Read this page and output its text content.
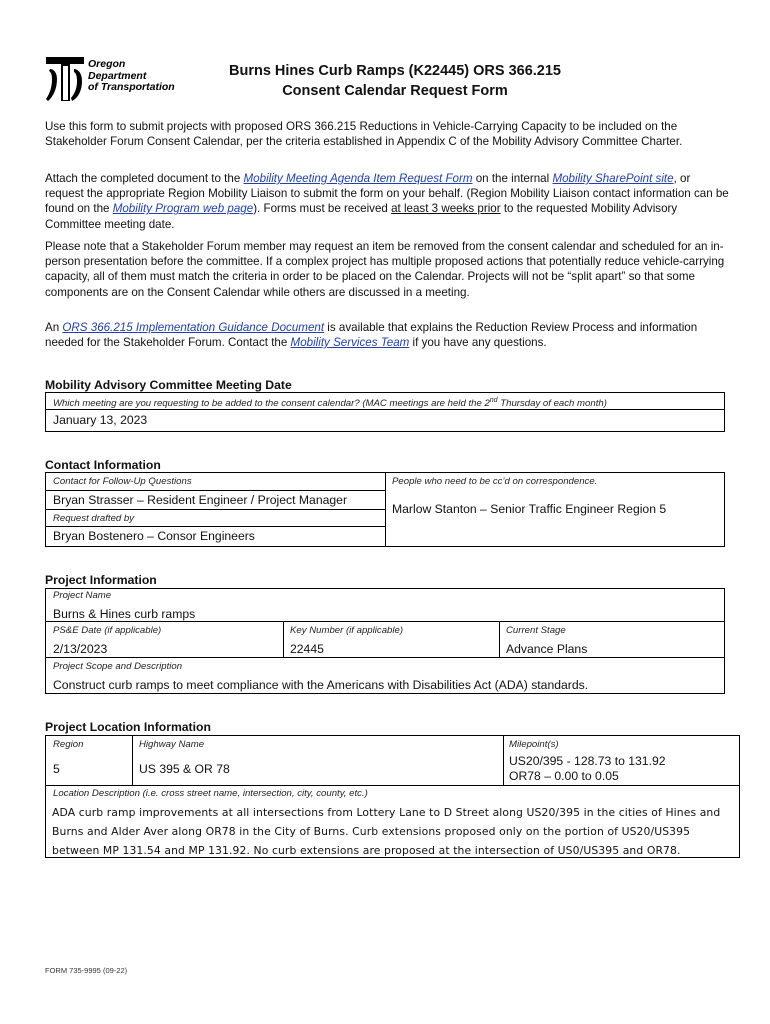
Oregon
Department
of Transportation
Burns Hines Curb Ramps (K22445) ORS 366.215
Consent Calendar Request Form
Use this form to submit projects with proposed ORS 366.215 Reductions in Vehicle-Carrying Capacity to be included on the Stakeholder Forum Consent Calendar, per the criteria established in Appendix C of the Mobility Advisory Committee Charter.
Attach the completed document to the Mobility Meeting Agenda Item Request Form on the internal Mobility SharePoint site, or request the appropriate Region Mobility Liaison to submit the form on your behalf. (Region Mobility Liaison contact information can be found on the Mobility Program web page). Forms must be received at least 3 weeks prior to the requested Mobility Advisory Committee meeting date.
Please note that a Stakeholder Forum member may request an item be removed from the consent calendar and scheduled for an in-person presentation before the committee. If a complex project has multiple proposed actions that potentially reduce vehicle-carrying capacity, all of them must match the criteria in order to be placed on the Calendar. Projects will not be “split apart” so that some components are on the Consent Calendar while others are discussed in a meeting.
An ORS 366.215 Implementation Guidance Document is available that explains the Reduction Review Process and information needed for the Stakeholder Forum. Contact the Mobility Services Team if you have any questions.
Mobility Advisory Committee Meeting Date
Which meeting are you requesting to be added to the consent calendar? (MAC meetings are held the 2nd Thursday of each month)
January 13, 2023
Contact Information
Contact for Follow-Up Questions
Bryan Strasser – Resident Engineer / Project Manager
Request drafted by
Bryan Bostenero – Consor Engineers
People who need to be cc’d on correspondence.
Marlow Stanton – Senior Traffic Engineer Region 5
Project Information
Project Name
Burns & Hines curb ramps
PS&E Date (if applicable)
2/13/2023
Key Number (if applicable)
22445
Current Stage
Advance Plans
Project Scope and Description
Construct curb ramps to meet compliance with the Americans with Disabilities Act (ADA) standards.
Project Location Information
Region
5
Highway Name
US 395 & OR 78
Milepoint(s)
US20/395 - 128.73 to 131.92
OR78 – 0.00 to 0.05
Location Description (i.e. cross street name, intersection, city, county, etc.)
ADA curb ramp improvements at all intersections from Lottery Lane to D Street along US20/395 in the cities of Hines and Burns and Alder Aver along OR78 in the City of Burns. Curb extensions proposed only on the portion of US20/US395 between MP 131.54 and MP 131.92. No curb extensions are proposed at the intersection of US0/US395 and OR78.
FORM 735-9995 (09-22)
